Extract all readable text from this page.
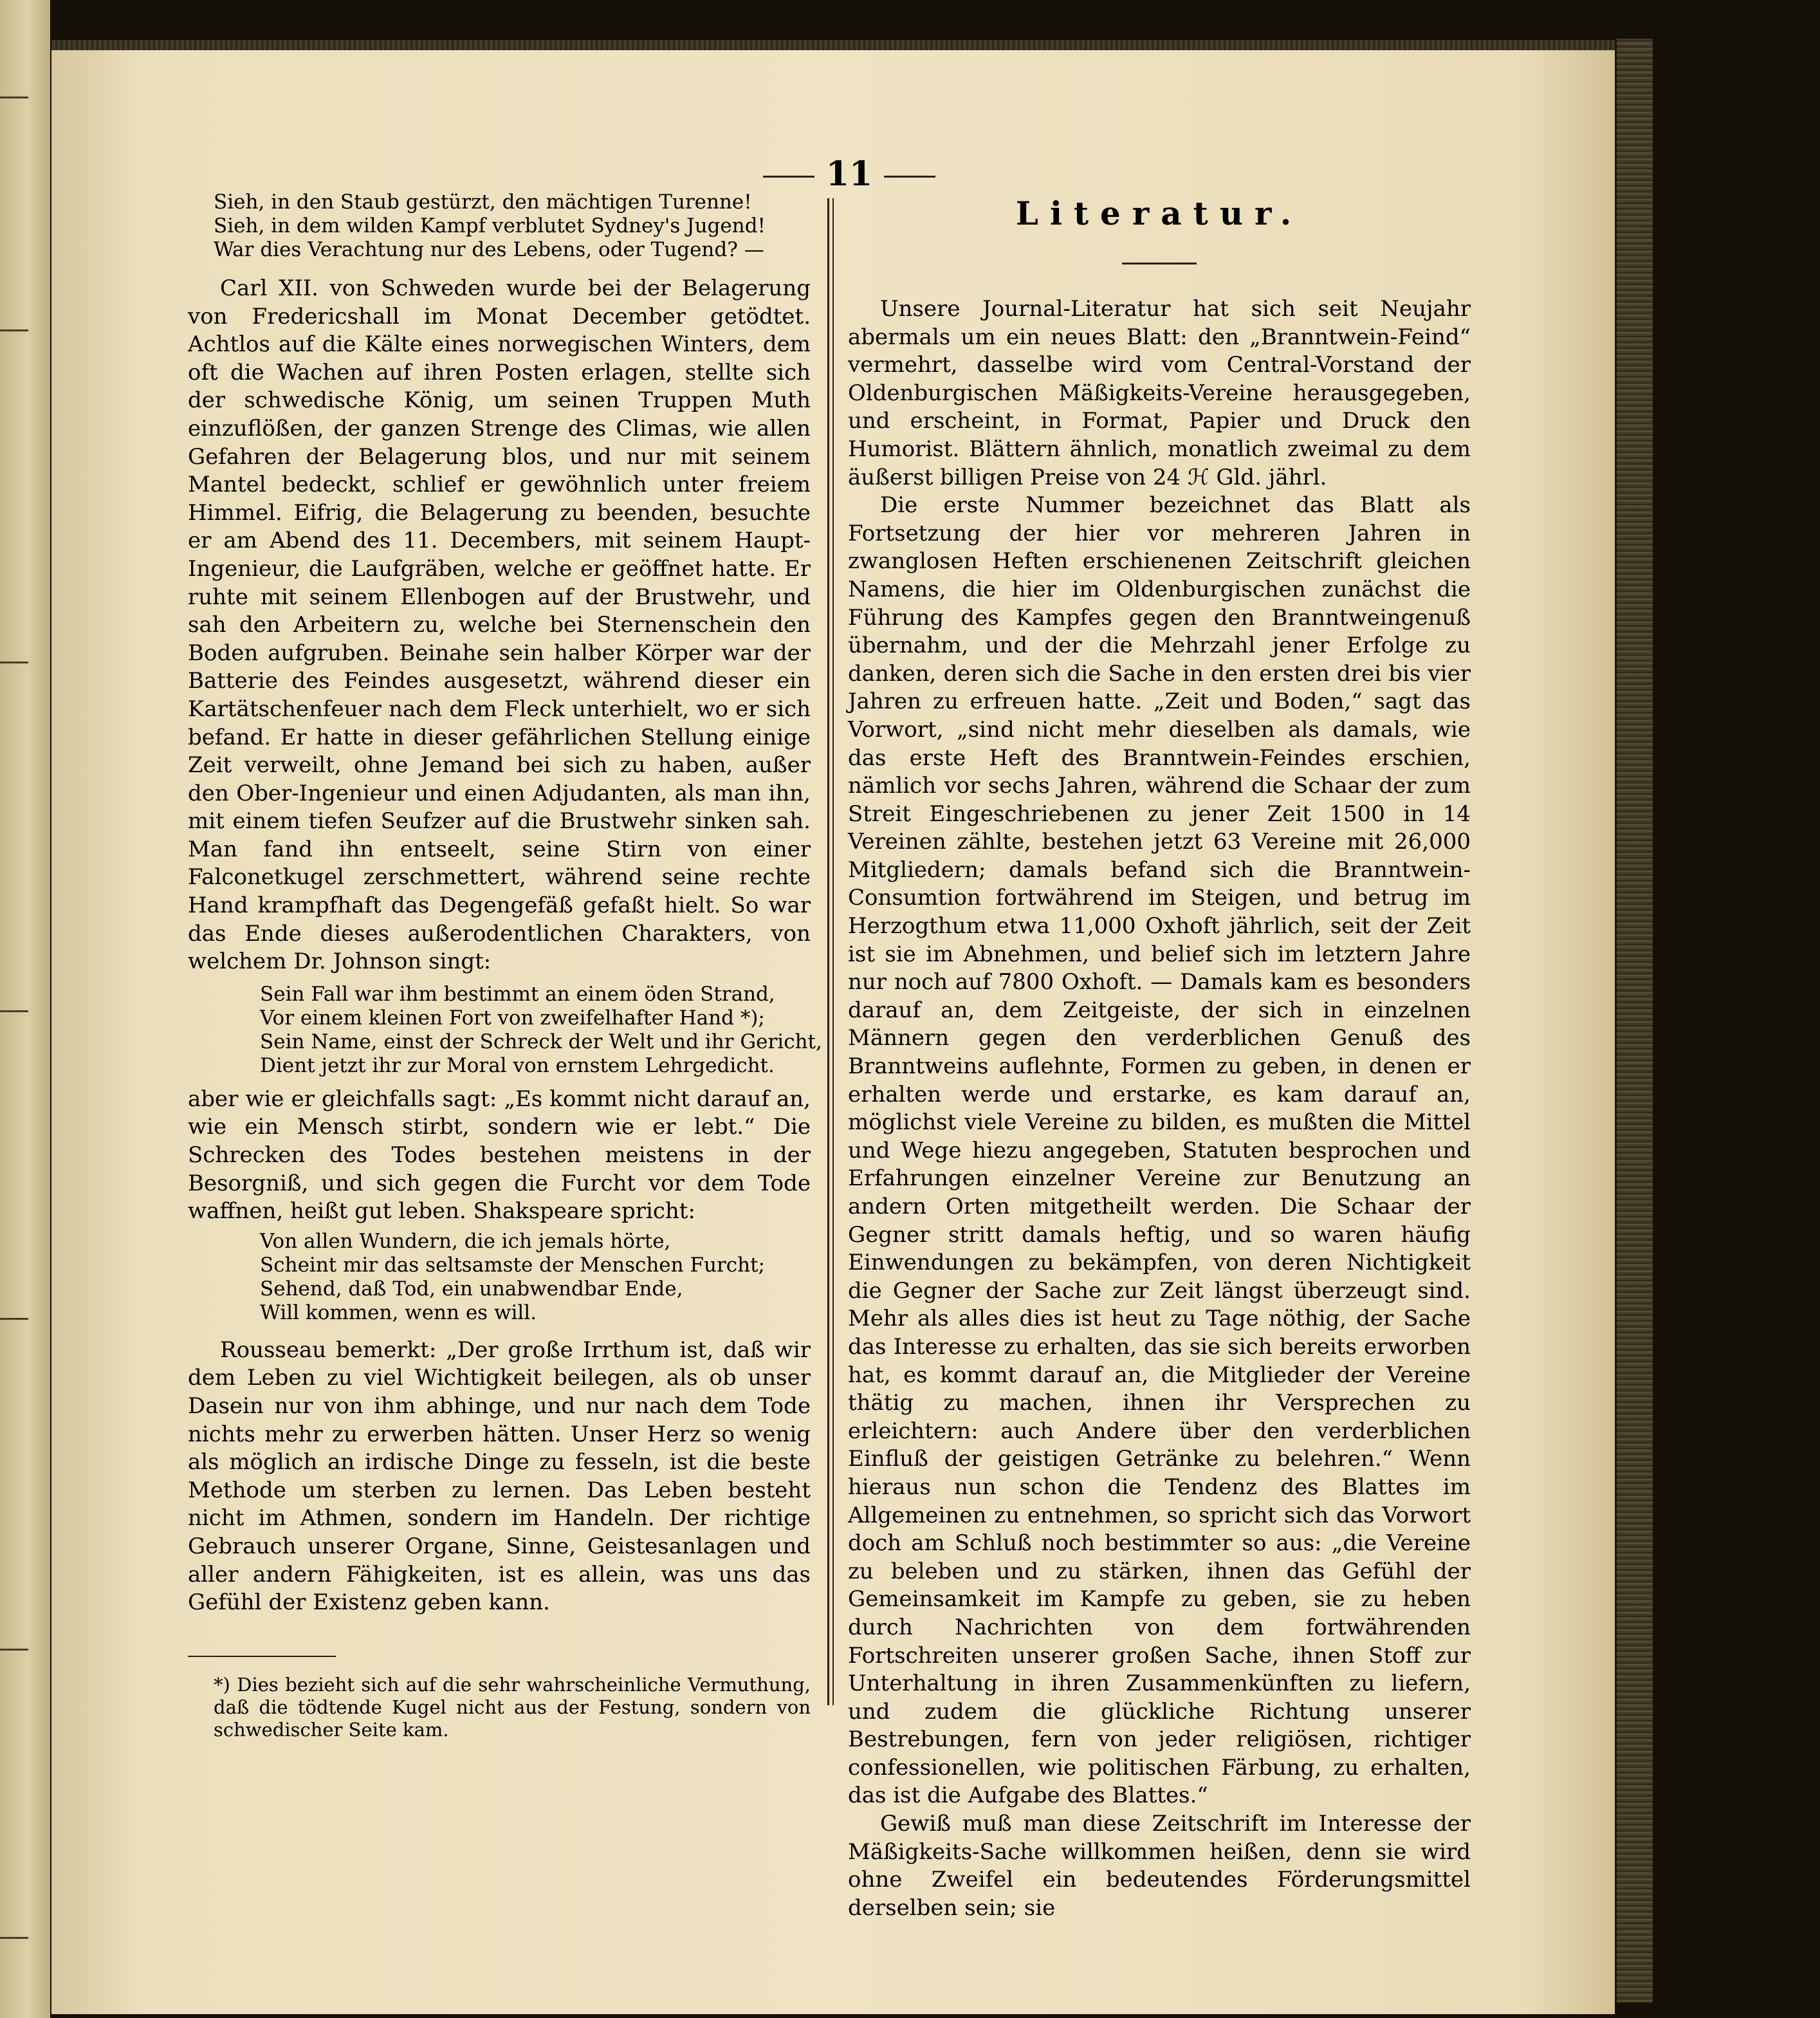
11
Sieh, in den Staub gestürzt, den mächtigen Turenne!
Sieh, in dem wilden Kampf verblutet Sydney's Jugend!
War dies Verachtung nur des Lebens, oder Tugend? —

Carl XII. von Schweden wurde bei der Belagerung von Fredericshall im Monat December getödtet. Achtlos auf die Kälte eines norwegischen Winters, dem oft die Wachen auf ihren Posten erlagen, stellte sich der schwedische König, um seinen Truppen Muth einzuflößen, der ganzen Strenge des Climas, wie allen Gefahren der Belagerung blos, und nur mit seinem Mantel bedeckt, schlief er gewöhnlich unter freiem Himmel. Eifrig, die Belagerung zu beenden, besuchte er am Abend des 11. Decembers, mit seinem Haupt-Ingenieur, die Laufgräben, welche er geöffnet hatte. Er ruhte mit seinem Ellenbogen auf der Brustwehr, und sah den Arbeitern zu, welche bei Sternenschein den Boden aufgruben. Beinahe sein halber Körper war der Batterie des Feindes ausgesetzt, während dieser ein Kartätschenfeuer nach dem Fleck unterhielt, wo er sich befand. Er hatte in dieser gefährlichen Stellung einige Zeit verweilt, ohne Jemand bei sich zu haben, außer den Ober-Ingenieur und einen Adjudanten, als man ihn, mit einem tiefen Seufzer auf die Brustwehr sinken sah. Man fand ihn entseelt, seine Stirn von einer Falconetkugel zerschmettert, während seine rechte Hand krampfhaft das Degengefäß gefaßt hielt. So war das Ende dieses außerodentlichen Charakters, von welchem Dr. Johnson singt:

Sein Fall war ihm bestimmt an einem öden Strand,
Vor einem kleinen Fort von zweifelhafter Hand *);
Sein Name, einst der Schreck der Welt und ihr Gericht,
Dient jetzt ihr zur Moral von ernstem Lehrgedicht.

aber wie er gleichfalls sagt: „Es kommt nicht darauf an, wie ein Mensch stirbt, sondern wie er lebt.“ Die Schrecken des Todes bestehen meistens in der Besorgniß, und sich gegen die Furcht vor dem Tode waffnen, heißt gut leben. Shakspeare spricht:

Von allen Wundern, die ich jemals hörte,
Scheint mir das seltsamste der Menschen Furcht;
Sehend, daß Tod, ein unabwendbar Ende,
Will kommen, wenn es will.

Rousseau bemerkt: „Der große Irrthum ist, daß wir dem Leben zu viel Wichtigkeit beilegen, als ob unser Dasein nur von ihm abhinge, und nur nach dem Tode nichts mehr zu erwerben hätten. Unser Herz so wenig als möglich an irdische Dinge zu fesseln, ist die beste Methode um sterben zu lernen. Das Leben besteht nicht im Athmen, sondern im Handeln. Der richtige Gebrauch unserer Organe, Sinne, Geistesanlagen und aller andern Fähigkeiten, ist es allein, was uns das Gefühl der Existenz geben kann.

*) Dies bezieht sich auf die sehr wahrscheinliche Vermuthung, daß die tödtende Kugel nicht aus der Festung, sondern von schwedischer Seite kam.
Literatur.

Unsere Journal-Literatur hat sich seit Neujahr abermals um ein neues Blatt: den „Branntwein-Feind“ vermehrt, dasselbe wird vom Central-Vorstand der Oldenburgischen Mäßigkeits-Vereine herausgegeben, und erscheint, in Format, Papier und Druck den Humorist. Blättern ähnlich, monatlich zweimal zu dem äußerst billigen Preise von 24 ℋ Gld. jährl.

Die erste Nummer bezeichnet das Blatt als Fortsetzung der hier vor mehreren Jahren in zwanglosen Heften erschienenen Zeitschrift gleichen Namens, die hier im Oldenburgischen zunächst die Führung des Kampfes gegen den Branntweingenuß übernahm, und der die Mehrzahl jener Erfolge zu danken, deren sich die Sache in den ersten drei bis vier Jahren zu erfreuen hatte. „Zeit und Boden,“ sagt das Vorwort, „sind nicht mehr dieselben als damals, wie das erste Heft des Branntwein-Feindes erschien, nämlich vor sechs Jahren, während die Schaar der zum Streit Eingeschriebenen zu jener Zeit 1500 in 14 Vereinen zählte, bestehen jetzt 63 Vereine mit 26,000 Mitgliedern; damals befand sich die Branntwein-Consumtion fortwährend im Steigen, und betrug im Herzogthum etwa 11,000 Oxhoft jährlich, seit der Zeit ist sie im Abnehmen, und belief sich im letztern Jahre nur noch auf 7800 Oxhoft. — Damals kam es besonders darauf an, dem Zeitgeiste, der sich in einzelnen Männern gegen den verderblichen Genuß des Branntweins auflehnte, Formen zu geben, in denen er erhalten werde und erstarke, es kam darauf an, möglichst viele Vereine zu bilden, es mußten die Mittel und Wege hiezu angegeben, Statuten besprochen und Erfahrungen einzelner Vereine zur Benutzung an andern Orten mitgetheilt werden. Die Schaar der Gegner stritt damals heftig, und so waren häufig Einwendungen zu bekämpfen, von deren Nichtigkeit die Gegner der Sache zur Zeit längst überzeugt sind. Mehr als alles dies ist heut zu Tage nöthig, der Sache das Interesse zu erhalten, das sie sich bereits erworben hat, es kommt darauf an, die Mitglieder der Vereine thätig zu machen, ihnen ihr Versprechen zu erleichtern: auch Andere über den verderblichen Einfluß der geistigen Getränke zu belehren.“ Wenn hieraus nun schon die Tendenz des Blattes im Allgemeinen zu entnehmen, so spricht sich das Vorwort doch am Schluß noch bestimmter so aus: „die Vereine zu beleben und zu stärken, ihnen das Gefühl der Gemeinsamkeit im Kampfe zu geben, sie zu heben durch Nachrichten von dem fortwährenden Fortschreiten unserer großen Sache, ihnen Stoff zur Unterhaltung in ihren Zusammenkünften zu liefern, und zudem die glückliche Richtung unserer Bestrebungen, fern von jeder religiösen, richtiger confessionellen, wie politischen Färbung, zu erhalten, das ist die Aufgabe des Blattes.“

Gewiß muß man diese Zeitschrift im Interesse der Mäßigkeits-Sache willkommen heißen, denn sie wird ohne Zweifel ein bedeutendes Förderungsmittel derselben sein; sie
